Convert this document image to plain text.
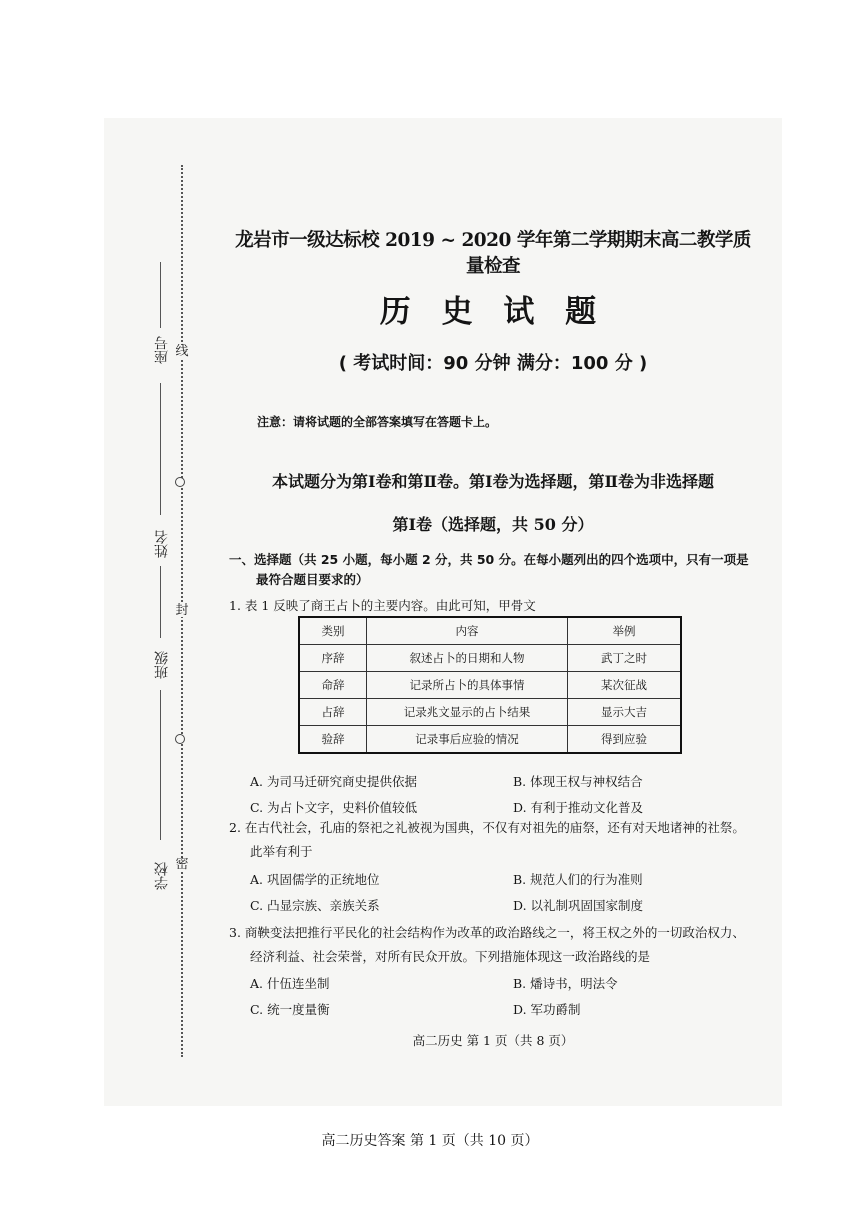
线
封
密
座号
姓名
班级
学校
龙岩市一级达标校 2019 ~ 2020 学年第二学期期末高二教学质量检查
历 史 试 题
( 考试时间：90 分钟 满分：100 分 )
注意：请将试题的全部答案填写在答题卡上。
本试题分为第Ⅰ卷和第Ⅱ卷。第Ⅰ卷为选择题，第Ⅱ卷为非选择题
第Ⅰ卷（选择题，共 50 分）
一、选择题（共 25 小题，每小题 2 分，共 50 分。在每小题列出的四个选项中，只有一项是
最符合题目要求的）
1. 表 1 反映了商王占卜的主要内容。由此可知，甲骨文
类别	内容	举例
序辞	叙述占卜的日期和人物	武丁之时
命辞	记录所占卜的具体事情	某次征战
占辞	记录兆文显示的占卜结果	显示大吉
验辞	记录事后应验的情况	得到应验
A. 为司马迁研究商史提供依据	B. 体现王权与神权结合
C. 为占卜文字，史料价值较低	D. 有利于推动文化普及
2. 在古代社会，孔庙的祭祀之礼被视为国典，不仅有对祖先的庙祭，还有对天地诸神的社祭。
此举有利于
A. 巩固儒学的正统地位	B. 规范人们的行为准则
C. 凸显宗族、亲族关系	D. 以礼制巩固国家制度
3. 商鞅变法把推行平民化的社会结构作为改革的政治路线之一，将王权之外的一切政治权力、
经济利益、社会荣誉，对所有民众开放。下列措施体现这一政治路线的是
A. 什伍连坐制	B. 燔诗书，明法令
C. 统一度量衡	D. 军功爵制
高二历史 第 1 页（共 8 页）
高二历史答案 第 1 页（共 10 页）
